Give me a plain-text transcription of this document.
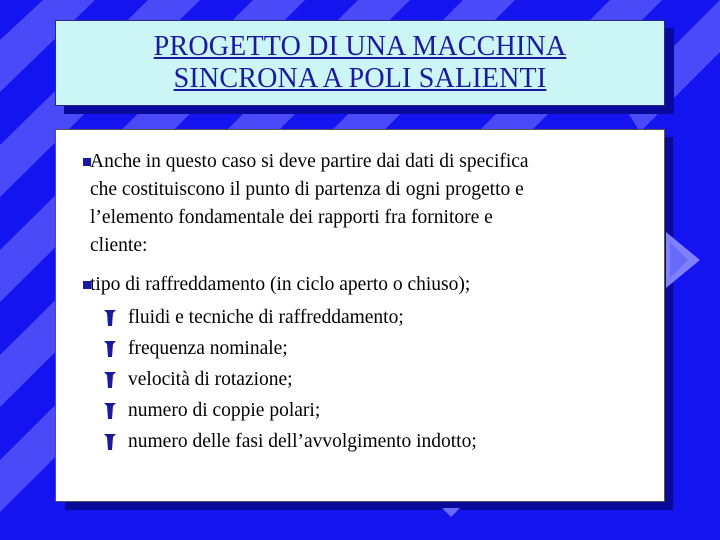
PROGETTO DI UNA MACCHINA
SINCRONA A POLI SALIENTI
Anche in questo caso si deve partire dai dati di specifica
che costituiscono il punto di partenza di ogni progetto e
l’elemento fondamentale dei rapporti fra fornitore e
cliente:
tipo di raffreddamento (in ciclo aperto o chiuso);
fluidi e tecniche di raffreddamento;
frequenza nominale;
velocità di rotazione;
numero di coppie polari;
numero delle fasi dell’avvolgimento indotto;
